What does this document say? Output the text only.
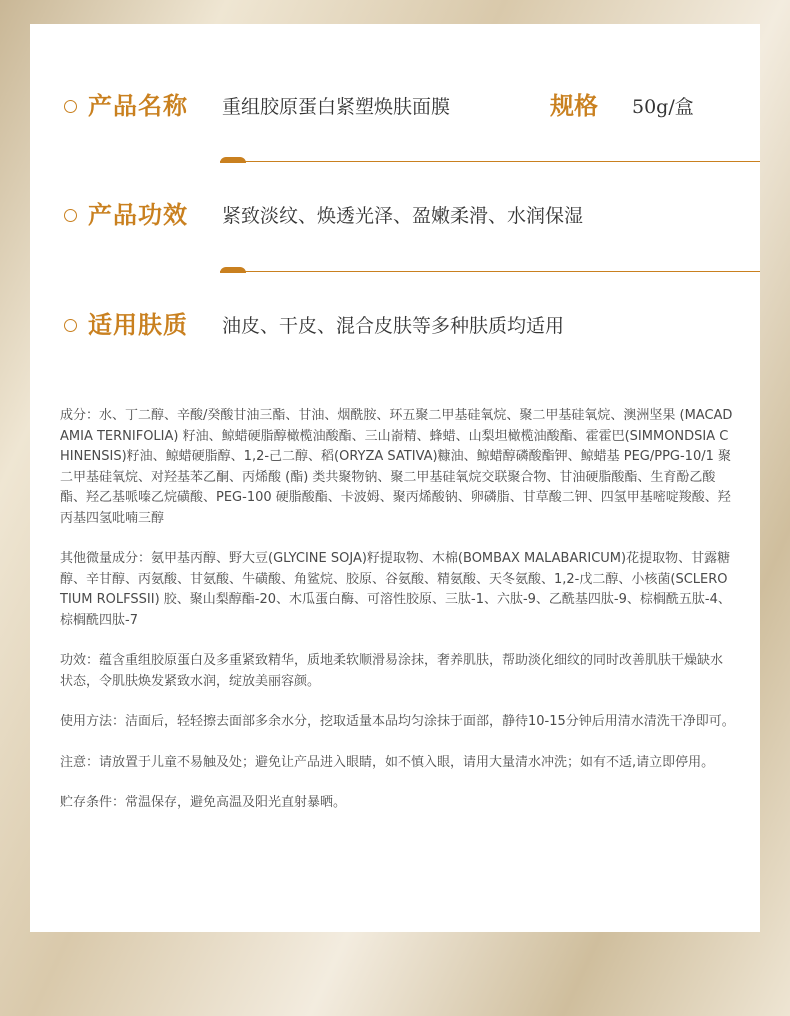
产品名称 重组胶原蛋白紧塑焕肤面膜	规格 50g/盒
产品功效 紧致淡纹、焕透光泽、盈嫩柔滑、水润保湿
适用肤质 油皮、干皮、混合皮肤等多种肤质均适用

成分：水、丁二醇、辛酸/癸酸甘油三酯、甘油、烟酰胺、环五聚二甲基硅氧烷、聚二甲基硅氧烷、澳洲坚果 (MACADAMIA TERNIFOLIA) 籽油、鲸蜡硬脂醇橄榄油酸酯、三山嵛精、蜂蜡、山梨坦橄榄油酸酯、霍霍巴(SIMMONDSIA CHINENSIS)籽油、鲸蜡硬脂醇、1,2-己二醇、稻(ORYZA SATIVA)糠油、鲸蜡醇磷酸酯钾、鲸蜡基 PEG/PPG-10/1 聚二甲基硅氧烷、对羟基苯乙酮、丙烯酸 (酯) 类共聚物钠、聚二甲基硅氧烷交联聚合物、甘油硬脂酸酯、生育酚乙酸酯、羟乙基哌嗪乙烷磺酸、PEG-100 硬脂酸酯、卡波姆、聚丙烯酸钠、卵磷脂、甘草酸二钾、四氢甲基嘧啶羧酸、羟丙基四氢吡喃三醇

其他微量成分：氨甲基丙醇、野大豆(GLYCINE SOJA)籽提取物、木棉(BOMBAX MALABARICUM)花提取物、甘露糖醇、辛甘醇、丙氨酸、甘氨酸、牛磺酸、角鲨烷、胶原、谷氨酸、精氨酸、天冬氨酸、1,2-戊二醇、小核菌(SCLEROTIUM ROLFSSII) 胶、聚山梨醇酯-20、木瓜蛋白酶、可溶性胶原、三肽-1、六肽-9、乙酰基四肽-9、棕榈酰五肽-4、棕榈酰四肽-7

功效：蕴含重组胶原蛋白及多重紧致精华，质地柔软顺滑易涂抹，奢养肌肤，帮助淡化细纹的同时改善肌肤干燥缺水状态，令肌肤焕发紧致水润，绽放美丽容颜。

使用方法：洁面后，轻轻擦去面部多余水分，挖取适量本品均匀涂抹于面部，静待10-15分钟后用清水清洗干净即可。

注意：请放置于儿童不易触及处；避免让产品进入眼睛，如不慎入眼，请用大量清水冲洗；如有不适,请立即停用。

贮存条件：常温保存，避免高温及阳光直射暴晒。
